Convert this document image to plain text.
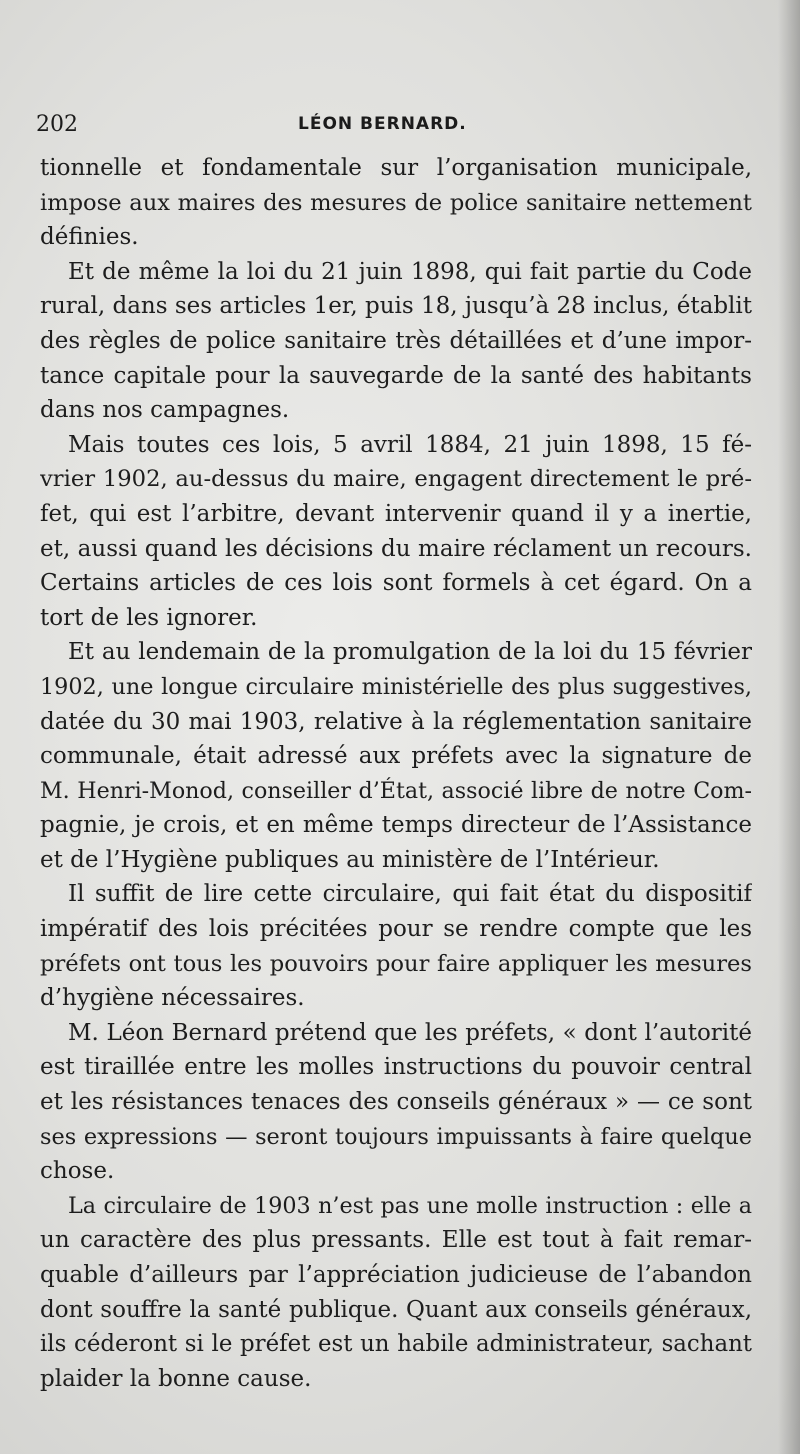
202	LÉON BERNARD.
tionnelle et fondamentale sur l’organisation municipale,
impose aux maires des mesures de police sanitaire nettement
définies.
Et de même la loi du 21 juin 1898, qui fait partie du Code
rural, dans ses articles 1er, puis 18, jusqu’à 28 inclus, établit
des règles de police sanitaire très détaillées et d’une impor-
tance capitale pour la sauvegarde de la santé des habitants
dans nos campagnes.
Mais toutes ces lois, 5 avril 1884, 21 juin 1898, 15 fé-
vrier 1902, au-dessus du maire, engagent directement le pré-
fet, qui est l’arbitre, devant intervenir quand il y a inertie,
et, aussi quand les décisions du maire réclament un recours.
Certains articles de ces lois sont formels à cet égard. On a
tort de les ignorer.
Et au lendemain de la promulgation de la loi du 15 février
1902, une longue circulaire ministérielle des plus suggestives,
datée du 30 mai 1903, relative à la réglementation sanitaire
communale, était adressé aux préfets avec la signature de
M. Henri-Monod, conseiller d’État, associé libre de notre Com-
pagnie, je crois, et en même temps directeur de l’Assistance
et de l’Hygiène publiques au ministère de l’Intérieur.
Il suffit de lire cette circulaire, qui fait état du dispositif
impératif des lois précitées pour se rendre compte que les
préfets ont tous les pouvoirs pour faire appliquer les mesures
d’hygiène nécessaires.
M. Léon Bernard prétend que les préfets, « dont l’autorité
est tiraillée entre les molles instructions du pouvoir central
et les résistances tenaces des conseils généraux » — ce sont
ses expressions — seront toujours impuissants à faire quelque
chose.
La circulaire de 1903 n’est pas une molle instruction : elle a
un caractère des plus pressants. Elle est tout à fait remar-
quable d’ailleurs par l’appréciation judicieuse de l’abandon
dont souffre la santé publique. Quant aux conseils généraux,
ils céderont si le préfet est un habile administrateur, sachant
plaider la bonne cause.
